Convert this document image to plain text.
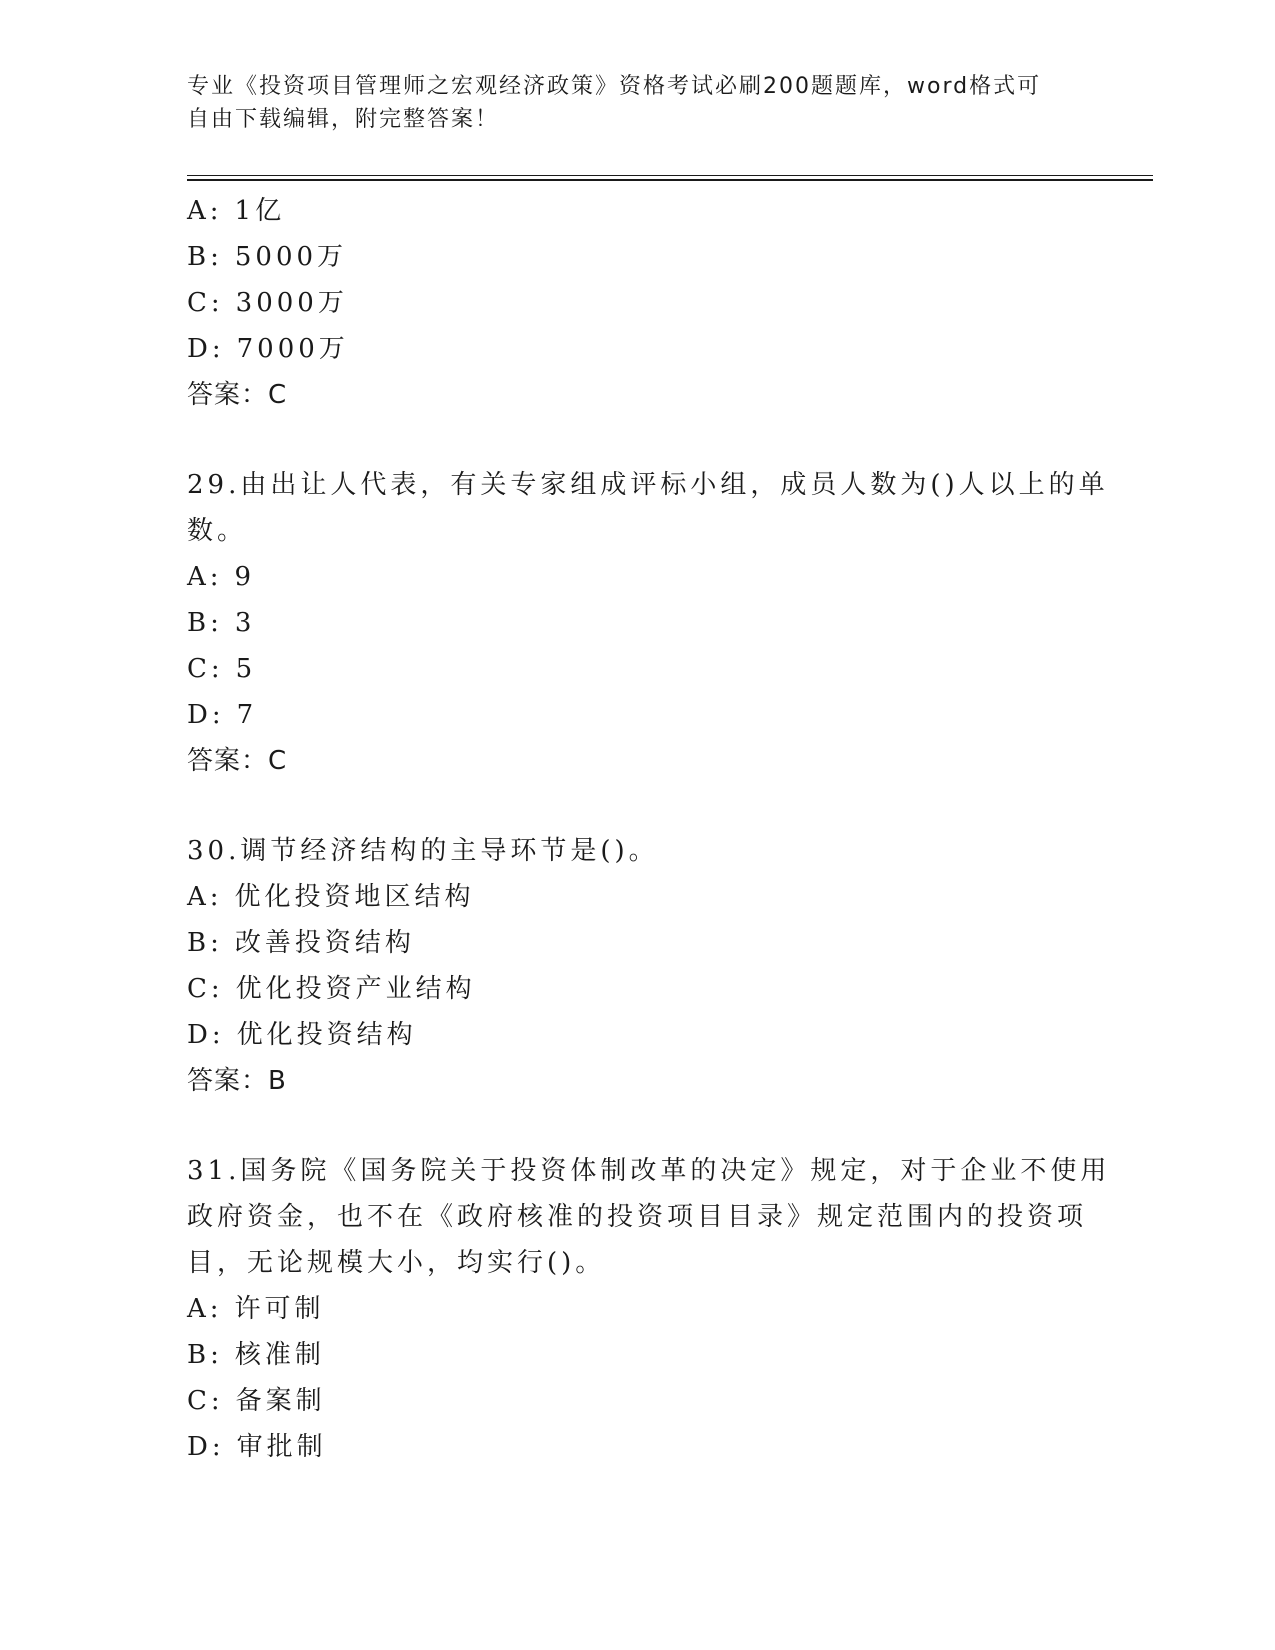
专业《投资项目管理师之宏观经济政策》资格考试必刷200题题库，word格式可
自由下载编辑，附完整答案！
A: 1亿
B: 5000万
C: 3000万
D: 7000万
答案：C
29.由出让人代表，有关专家组成评标小组，成员人数为()人以上的单
数。
A: 9
B: 3
C: 5
D: 7
答案：C
30.调节经济结构的主导环节是()。
A: 优化投资地区结构
B: 改善投资结构
C: 优化投资产业结构
D: 优化投资结构
答案：B
31.国务院《国务院关于投资体制改革的决定》规定，对于企业不使用
政府资金，也不在《政府核准的投资项目目录》规定范围内的投资项
目，无论规模大小，均实行()。
A: 许可制
B: 核准制
C: 备案制
D: 审批制
